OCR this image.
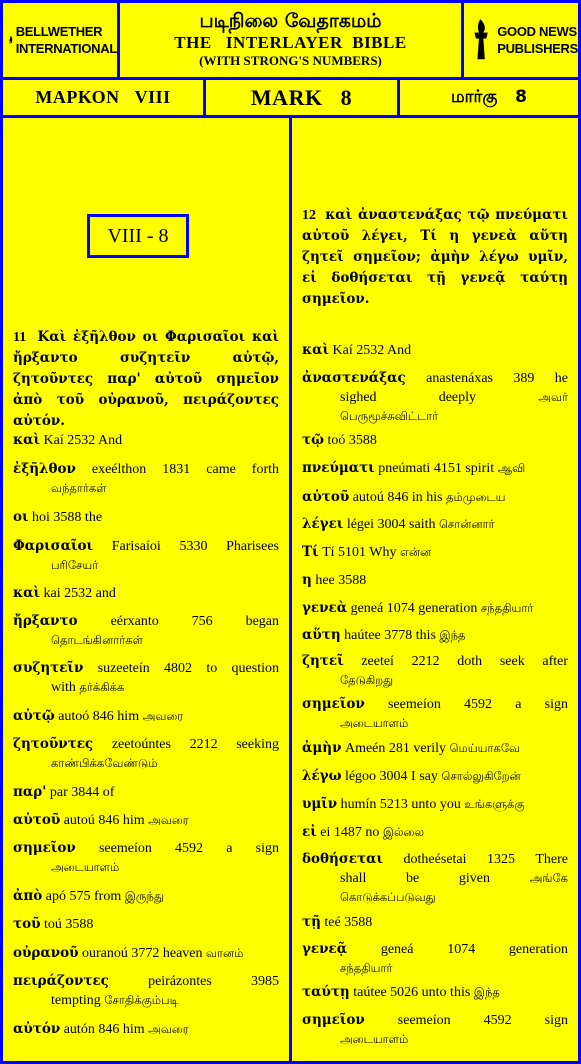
BELLWETHER
INTERNATIONAL
படிநிலை வேதாகமம்
THE   INTERLAYER  BIBLE
(WITH STRONG'S NUMBERS)
GOOD NEWS
PUBLISHERS
ΜΑΡΚΟΝ   VIII	MARK   8	மார்கு   8
VIII - 8
11 Καὶ ἐξῆλθον οι Φαρισαῖοι καὶ ἤρξαντο συζητεῖν αὐτῷ, ζητοῦντες παρ' αὐτοῦ σημεῖον ἀπὸ τοῦ οὐρανοῦ, πειράζοντες αὐτόν.
καὶ Kaí 2532 And
ἐξῆλθον exeélthon 1831 came forth
வந்தார்கள்
οι hoi 3588 the
Φαρισαῖοι Farisaíoi 5330 Pharisees
பரிசேயர்
καὶ kai 2532 and
ἤρξαντο eérxanto 756 began
தொடங்கினார்கள்
συζητεῖν suzeeteín 4802 to question
with தர்க்கிக்க
αὐτῷ autoó 846 him அவரை
ζητοῦντες zeetoúntes 2212 seeking
காண்பிக்கவேண்டும்
παρ' par 3844 of
αὐτοῦ autoú 846 him அவரை
σημεῖον seemeíon 4592 a sign
அடையாளம்
ἀπὸ apó 575 from இருந்து
τοῦ toú 3588
οὐρανοῦ ouranoú 3772 heaven வானம்
πειράζοντες	peirázontes 3985
tempting சோதிக்கும்படி
αὐτόν autón 846 him அவரை
12 καὶ ἀναστενάξας τῷ πνεύματι αὐτοῦ λέγει, Τί η γενεὰ αὕτη ζητεῖ σημεῖον; ἀμὴν λέγω υμῖν, εἰ δοθήσεται τῇ γενεᾷ ταύτῃ σημεῖον.
καὶ Kaí 2532 And
ἀναστενάξας anastenáxas 389 he
sighed deeply அவர்
பெருமூச்சுவிட்டார்
τῷ toó 3588
πνεύματι pneúmati 4151 spirit ஆவி
αὐτοῦ autoú 846 in his தம்முடைய
λέγει légei 3004 saith சொன்னார்
Τί Tí 5101 Why என்ன
η hee 3588
γενεὰ geneá 1074 generation சந்ததியார்
αὕτη haútee 3778 this இந்த
ζητεῖ zeeteí 2212 doth seek after
தேடுகிறது
σημεῖον seemeíon 4592 a sign
அடையாளம்
ἀμὴν Ameén 281 verily மெய்யாகவே
λέγω légoo 3004 I say சொல்லுகிறேன்
υμῖν humín 5213 unto you உங்களுக்கு
εἰ ei 1487 no இல்லை
δοθήσεται dotheésetai 1325 There
shall be given அங்கே
கொடுக்கப்படுவது
τῇ teé 3588
γενεᾷ geneá 1074 generation
சந்ததியார்
ταύτῃ taútee 5026 unto this இந்த
σημεῖον seemeíon 4592 sign
அடையாளம்
